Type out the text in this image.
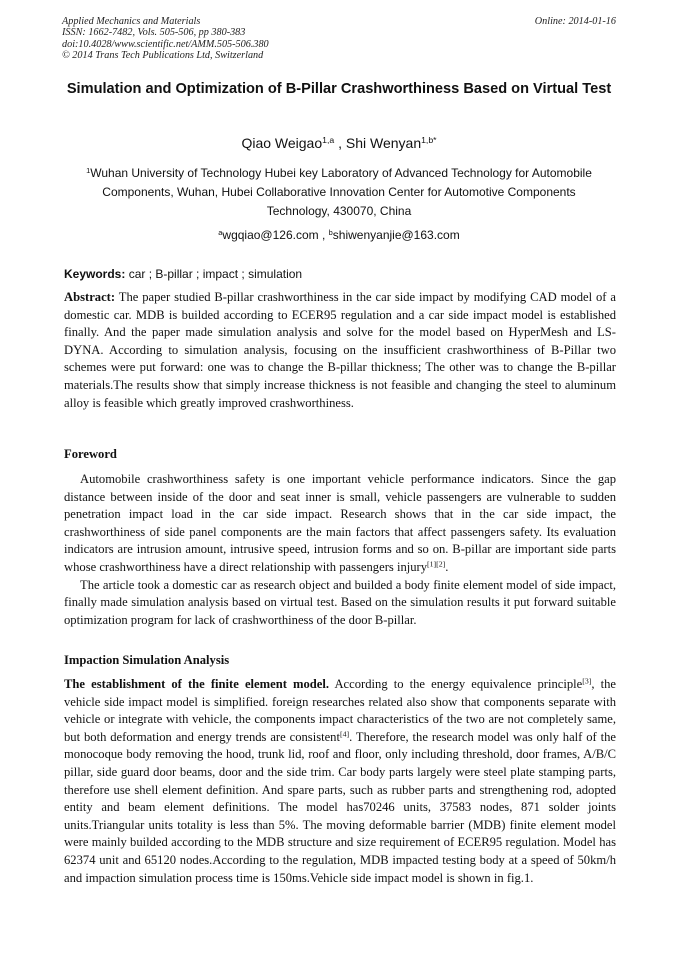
Applied Mechanics and Materials
ISSN: 1662-7482, Vols. 505-506, pp 380-383
doi:10.4028/www.scientific.net/AMM.505-506.380
© 2014 Trans Tech Publications Ltd, Switzerland
Online: 2014-01-16
Simulation and Optimization of B-Pillar Crashworthiness Based on Virtual Test
Qiao Weigao$^{1,a}$ , Shi Wenyan$^{1,b*}$
$^1$Wuhan University of Technology Hubei key Laboratory of Advanced Technology for Automobile Components, Wuhan, Hubei Collaborative Innovation Center for Automotive Components Technology, 430070, China
$^a$wgqiao@126.com , $^b$shiwenyanjie@163.com
Keywords: car ; B-pillar ; impact ; simulation
Abstract: The paper studied B-pillar crashworthiness in the car side impact by modifying CAD model of a domestic car. MDB is builded according to ECER95 regulation and a car side impact model is established finally. And the paper made simulation analysis and solve for the model based on HyperMesh and LS-DYNA. According to simulation analysis, focusing on the insufficient crashworthiness of B-Pillar two schemes were put forward: one was to change the B-pillar thickness; The other was to change the B-pillar materials.The results show that simply increase thickness is not feasible and changing the steel to aluminum alloy is feasible which greatly improved crashworthiness.
Foreword

Automobile crashworthiness safety is one important vehicle performance indicators. Since the gap distance between inside of the door and seat inner is small, vehicle passengers are vulnerable to sudden penetration impact load in the car side impact. Research shows that in the car side impact, the crashworthiness of side panel components are the main factors that affect passengers safety. Its evaluation indicators are intrusion amount, intrusive speed, intrusion forms and so on. B-pillar are important side parts whose crashworthiness have a direct relationship with passengers injury[1][2].

The article took a domestic car as research object and builded a body finite element model of side impact, finally made simulation analysis based on virtual test. Based on the simulation results it put forward suitable optimization program for lack of crashworthiness of the door B-pillar.

Impaction Simulation Analysis

The establishment of the finite element model. According to the energy equivalence principle[3], the vehicle side impact model is simplified. foreign researches related also show that components separate with vehicle or integrate with vehicle, the components impact characteristics of the two are not completely same, but both deformation and energy trends are consistent[4]. Therefore, the research model was only half of the monocoque body removing the hood, trunk lid, roof and floor, only including threshold, door frames, A/B/C pillar, side guard door beams, door and the side trim. Car body parts largely were steel plate stamping parts, therefore use shell element definition. And spare parts, such as rubber parts and strengthening rod, adopted entity and beam element definitions. The model has70246 units, 37583 nodes, 871 solder joints units.Triangular units totality is less than 5%. The moving deformable barrier (MDB) finite element model were mainly builded according to the MDB structure and size requirement of ECER95 regulation. Model has 62374 unit and 65120 nodes.According to the regulation, MDB impacted testing body at a speed of 50km/h and impaction simulation process time is 150ms.Vehicle side impact model is shown in fig.1.
